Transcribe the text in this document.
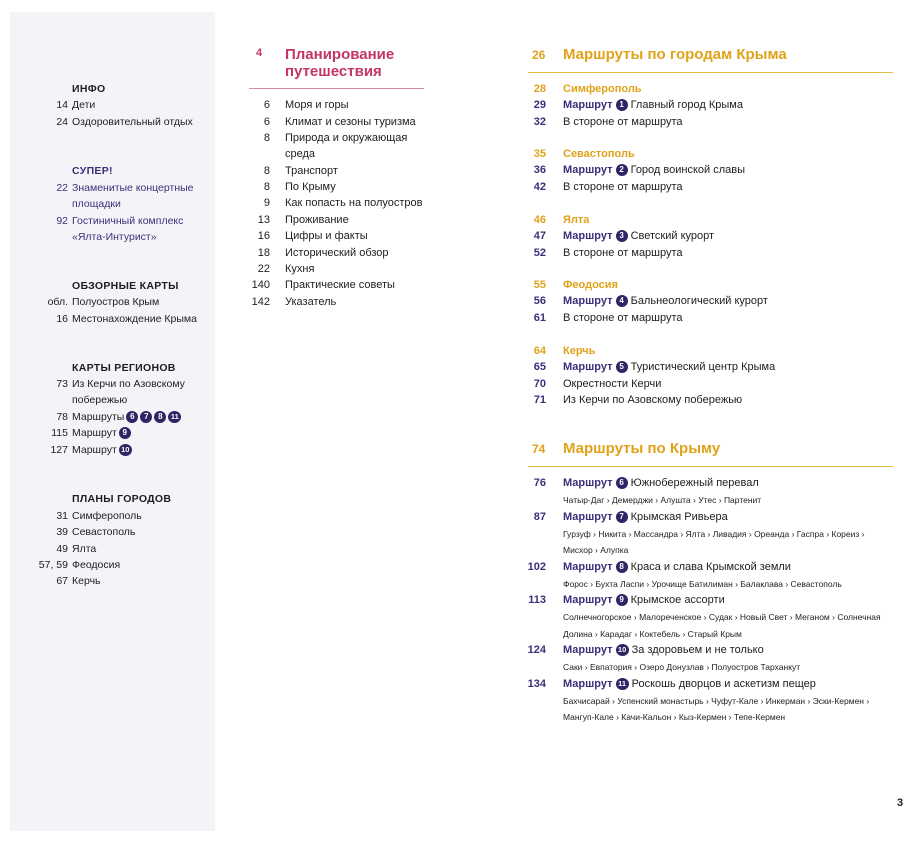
ИНФО
14 Дети
24 Оздоровительный отдых
СУПЕР!
22 Знаменитые концертные
площадки
92 Гостиничный комплекс
«Ялта-Интурист»
ОБЗОРНЫЕ КАРТЫ
обл. Полуостров Крым
16 Местонахождение Крыма
КАРТЫ РЕГИОНОВ
73 Из Керчи по Азовскому
побережью
78 Маршруты 6 7 8 11
115 Маршрут 9
127 Маршрут 10
ПЛАНЫ ГОРОДОВ
31 Симферополь
39 Севастополь
49 Ялта
57, 59 Феодосия
67 Керчь
4 Планирование
путешествия
6 Моря и горы
6 Климат и сезоны туризма
8 Природа и окружающая
среда
8 Транспорт
8 По Крыму
9 Как попасть на полуостров
13 Проживание
16 Цифры и факты
18 Исторический обзор
22 Кухня
140 Практические советы
142 Указатель
26 Маршруты по городам Крыма
28 Симферополь
29 Маршрут 1 Главный город Крыма
32 В стороне от маршрута
35 Севастополь
36 Маршрут 2 Город воинской славы
42 В стороне от маршрута
46 Ялта
47 Маршрут 3 Светский курорт
52 В стороне от маршрута
55 Феодосия
56 Маршрут 4 Бальнеологический курорт
61 В стороне от маршрута
64 Керчь
65 Маршрут 5 Туристический центр Крыма
70 Окрестности Керчи
71 Из Керчи по Азовскому побережью
74 Маршруты по Крыму
76 Маршрут 6 Южнобережный перевал
Чатыр-Даг › Демерджи › Алушта › Утес › Партенит
87 Маршрут 7 Крымская Ривьера
Гурзуф › Никита › Массандра › Ялта › Ливадия › Ореанда › Гаспра › Кореиз ›
Мисхор › Алупка
102 Маршрут 8 Краса и слава Крымской земли
Форос › Бухта Ласпи › Урочище Батилиман › Балаклава › Севастополь
113 Маршрут 9 Крымское ассорти
Солнечногорское › Малореченское › Судак › Новый Свет › Меганом › Солнечная
Долина › Карадаг › Коктебель › Старый Крым
124 Маршрут 10 За здоровьем и не только
Саки › Евпатория › Озеро Донузлав › Полуостров Тарханкут
134 Маршрут 11 Роскошь дворцов и аскетизм пещер
Бахчисарай › Успенский монастырь › Чуфут-Кале › Инкерман › Эски-Кермен ›
Мангуп-Кале › Качи-Кальон › Кыз-Кермен › Тепе-Кермен
3
